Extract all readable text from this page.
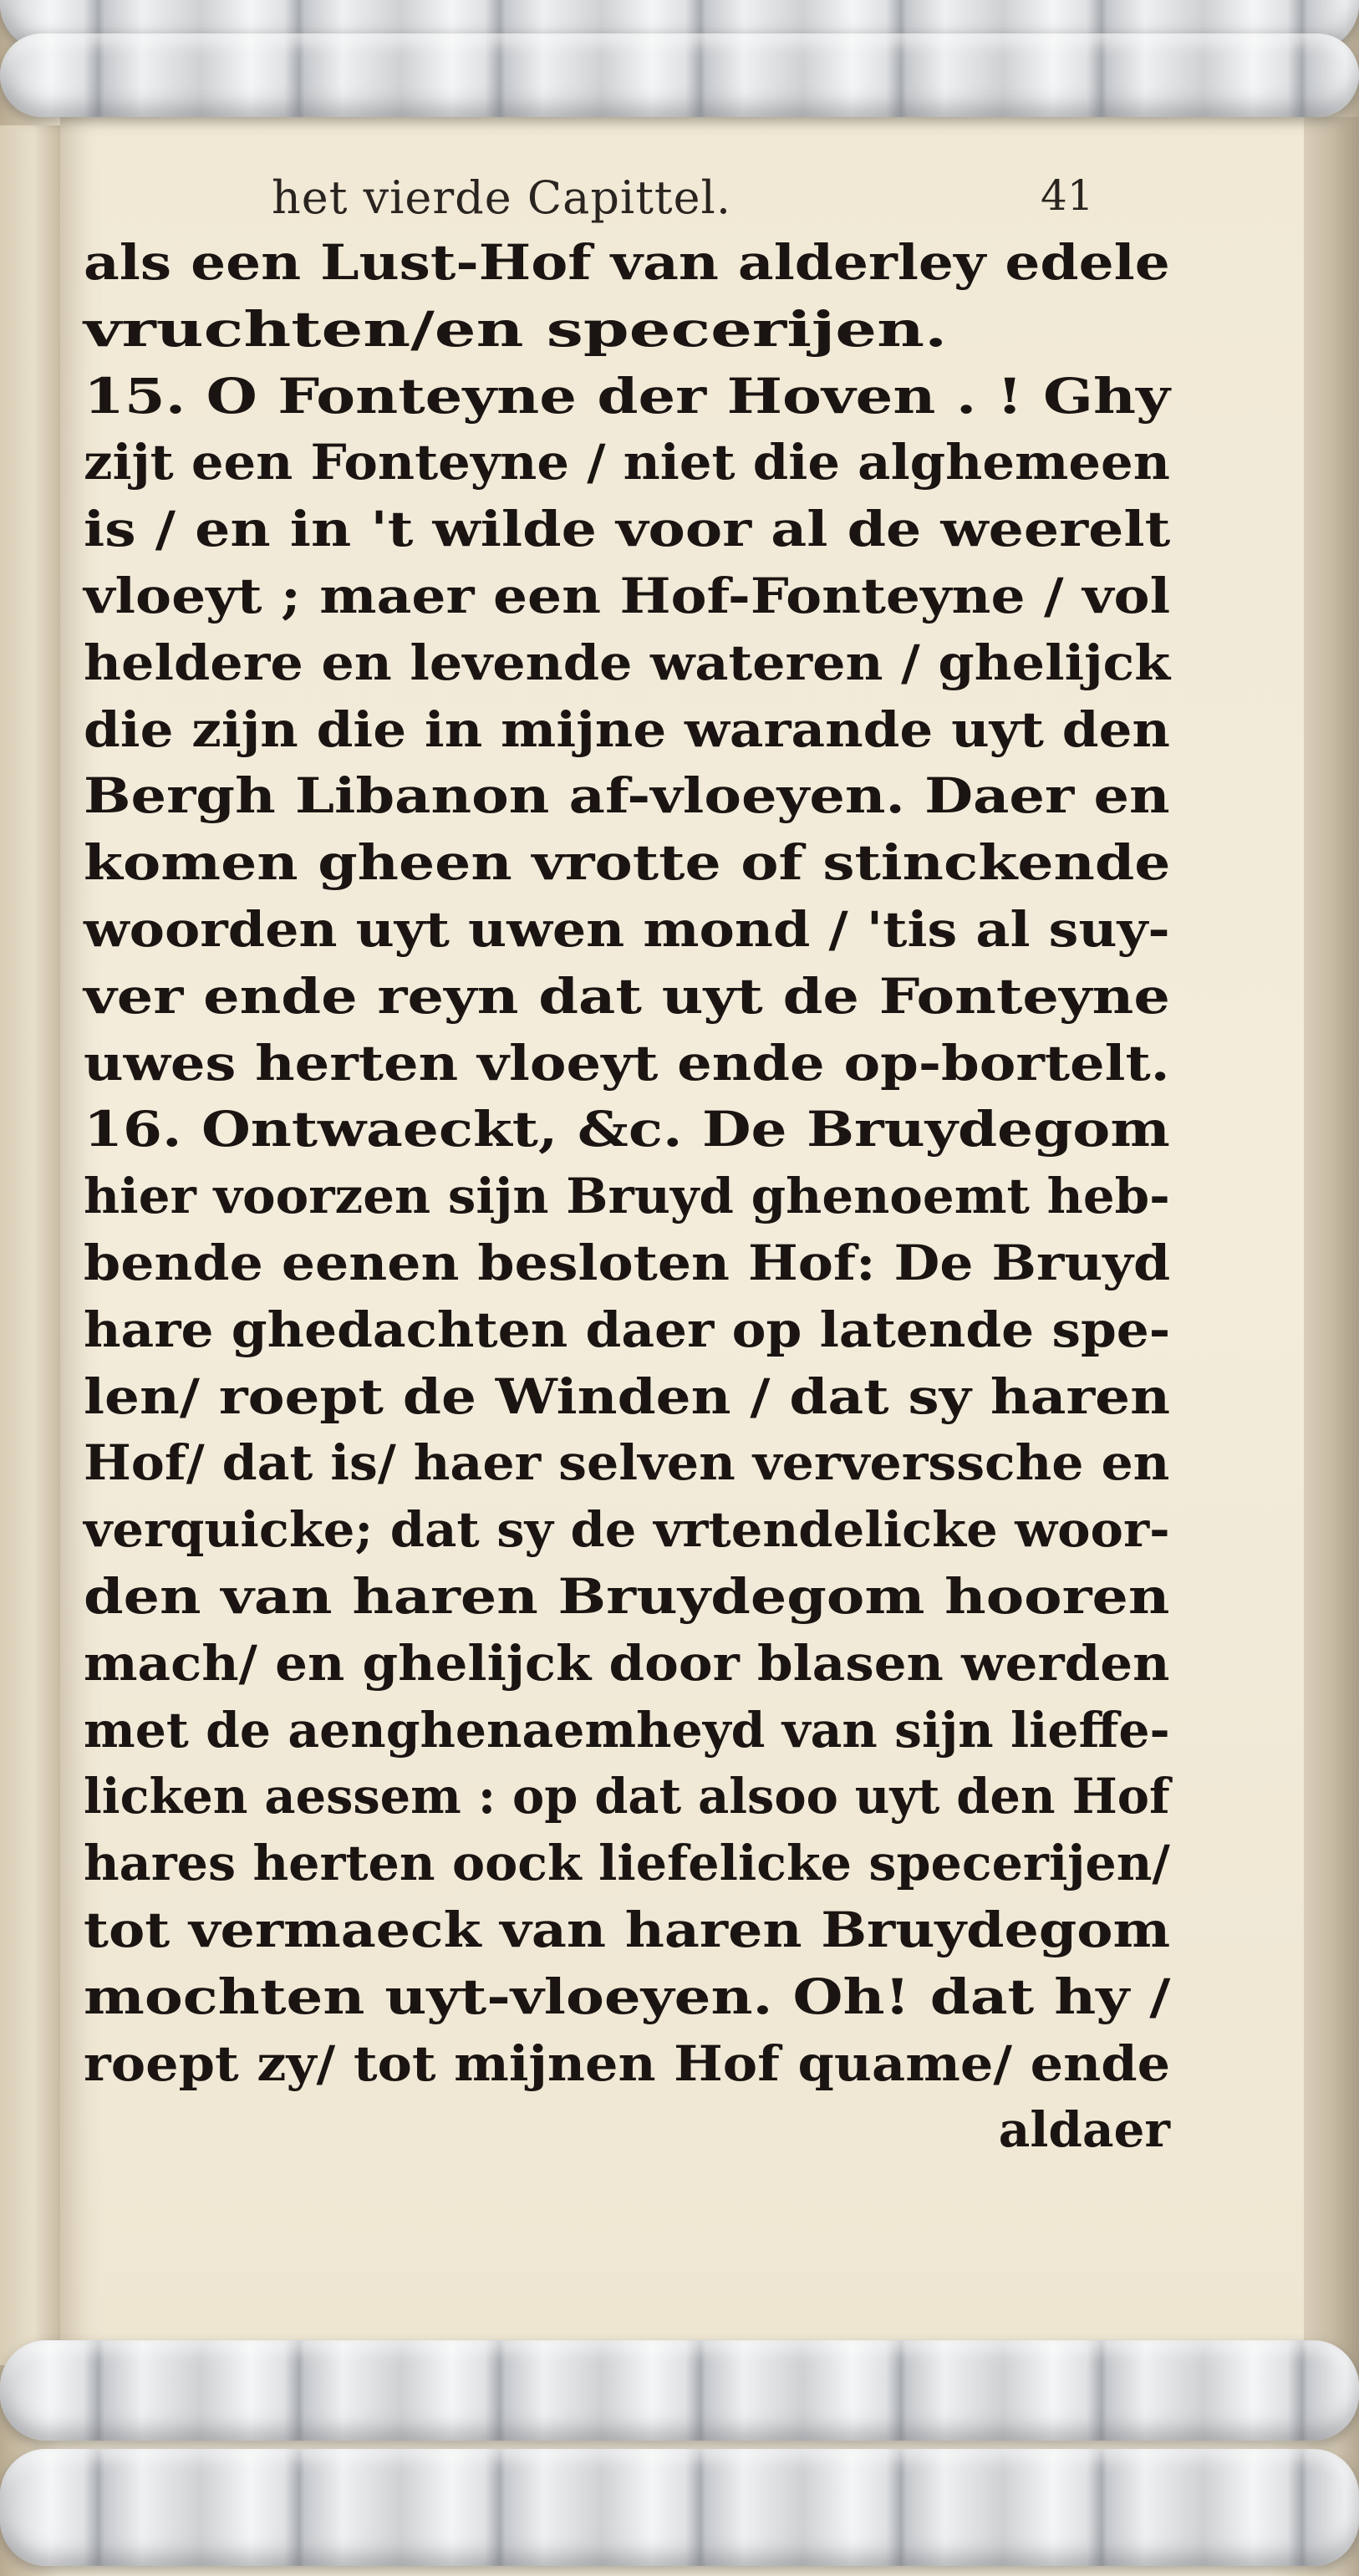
het vierde Capittel.	41
als een Lust-Hof van alderley edele
vruchten/en specerijen.
15. O Fonteyne der Hoven . ! Ghy
zijt een Fonteyne / niet die alghemeen
is / en in 't wilde voor al de weerelt
vloeyt ; maer een Hof-Fonteyne / vol
heldere en levende wateren / ghelijck
die zijn die in mijne warande uyt den
Bergh Libanon af-vloeyen. Daer en
komen gheen vrotte of stinckende
woorden uyt uwen mond / 'tis al suy-
ver ende reyn dat uyt de Fonteyne
uwes herten vloeyt ende op-bortelt.
16. Ontwaeckt, &c. De Bruydegom
hier voorzen sijn Bruyd ghenoemt heb-
bende eenen besloten Hof: De Bruyd
hare ghedachten daer op latende spe-
len/ roept de Winden / dat sy haren
Hof/ dat is/ haer selven ververssche en
verquicke; dat sy de vrtendelicke woor-
den van haren Bruydegom hooren
mach/ en ghelijck door blasen werden
met de aenghenaemheyd van sijn lieffe-
licken aessem : op dat alsoo uyt den Hof
hares herten oock liefelicke specerijen/
tot vermaeck van haren Bruydegom
mochten uyt-vloeyen. Oh! dat hy /
roept zy/ tot mijnen Hof quame/ ende
aldaer
